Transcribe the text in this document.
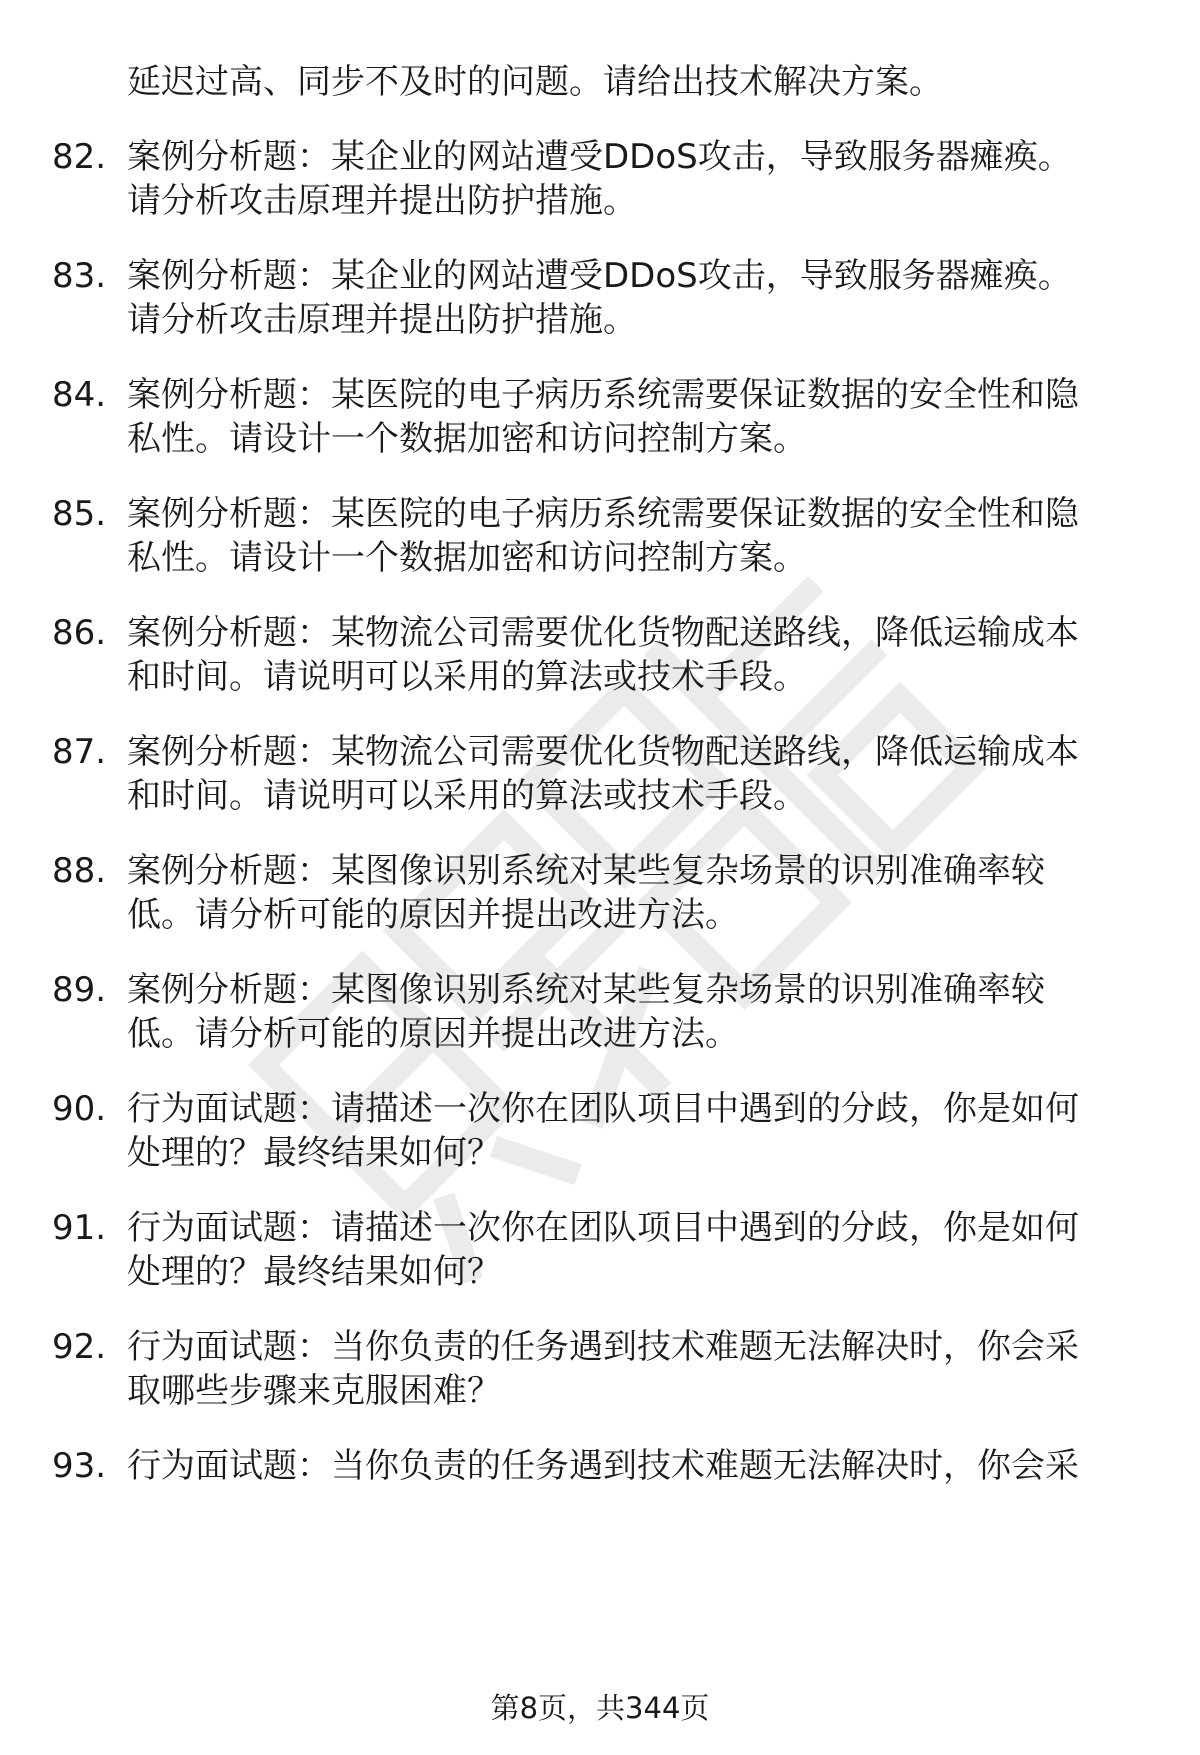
延迟过高、同步不及时的问题。请给出技术解决方案。
82. 案例分析题：某企业的网站遭受DDoS攻击，导致服务器瘫痪。
请分析攻击原理并提出防护措施。
83. 案例分析题：某企业的网站遭受DDoS攻击，导致服务器瘫痪。
请分析攻击原理并提出防护措施。
84. 案例分析题：某医院的电子病历系统需要保证数据的安全性和隐
私性。请设计一个数据加密和访问控制方案。
85. 案例分析题：某医院的电子病历系统需要保证数据的安全性和隐
私性。请设计一个数据加密和访问控制方案。
86. 案例分析题：某物流公司需要优化货物配送路线，降低运输成本
和时间。请说明可以采用的算法或技术手段。
87. 案例分析题：某物流公司需要优化货物配送路线，降低运输成本
和时间。请说明可以采用的算法或技术手段。
88. 案例分析题：某图像识别系统对某些复杂场景的识别准确率较
低。请分析可能的原因并提出改进方法。
89. 案例分析题：某图像识别系统对某些复杂场景的识别准确率较
低。请分析可能的原因并提出改进方法。
90. 行为面试题：请描述一次你在团队项目中遇到的分歧，你是如何
处理的？最终结果如何？
91. 行为面试题：请描述一次你在团队项目中遇到的分歧，你是如何
处理的？最终结果如何？
92. 行为面试题：当你负责的任务遇到技术难题无法解决时，你会采
取哪些步骤来克服困难？
93. 行为面试题：当你负责的任务遇到技术难题无法解决时，你会采
第8页，共344页
